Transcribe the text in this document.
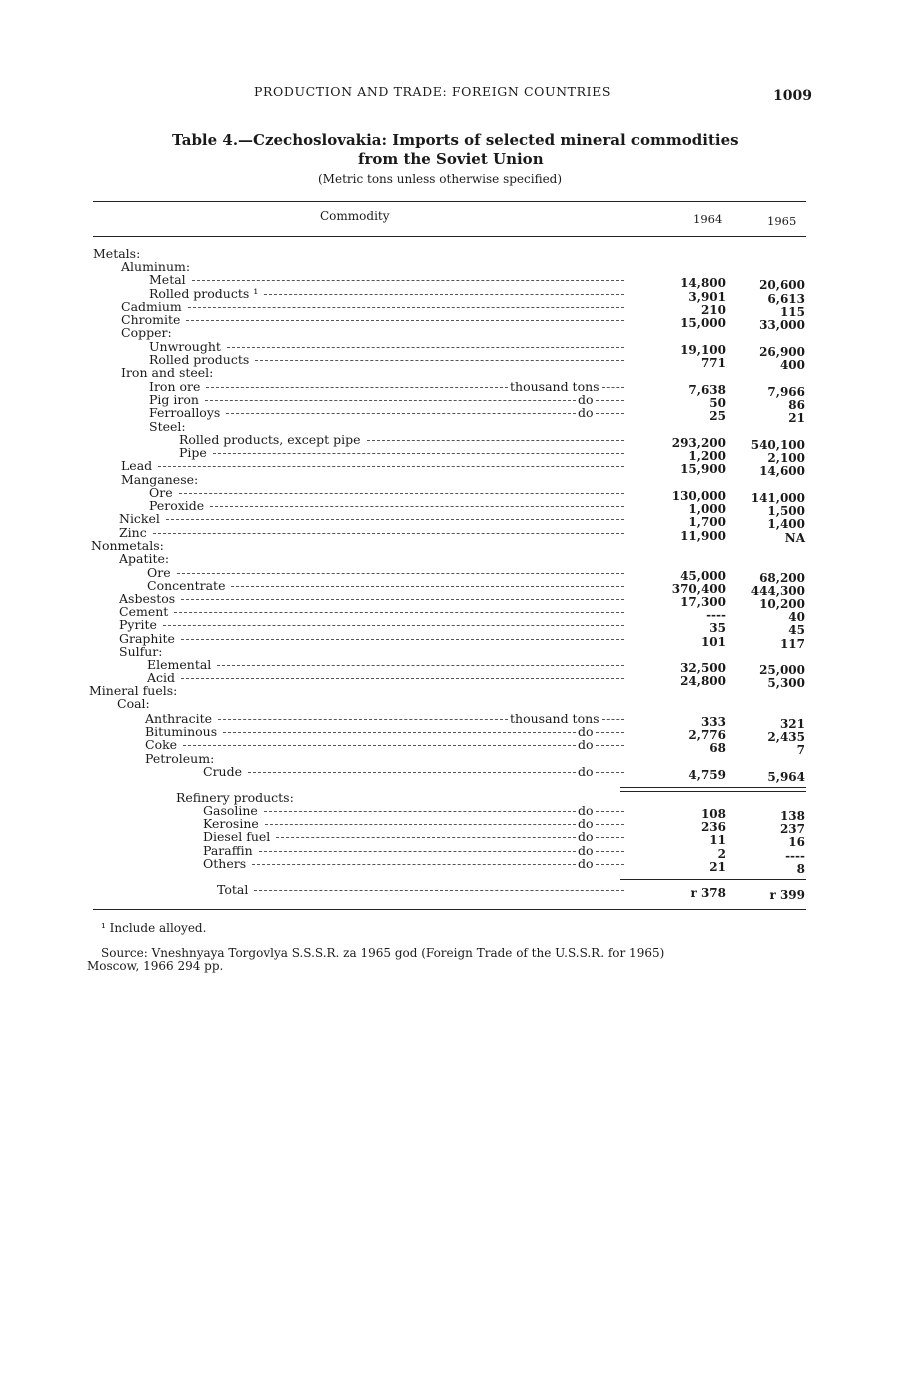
PRODUCTION AND TRADE: FOREIGN COUNTRIES	1009
Table 4.—Czechoslovakia: Imports of selected mineral commodities
from the Soviet Union
(Metric tons unless otherwise specified)
Commodity	1964	1965
Metals:
Aluminum:
Metal	14,800	20,600
Rolled products ¹	3,901	6,613
Cadmium	210	115
Chromite	15,000	33,000
Copper:
Unwrought	19,100	26,900
Rolled products	771	400
Iron and steel:
Iron ore	thousand tons	7,638	7,966
Pig iron	do	50	86
Ferroalloys	do	25	21
Steel:
Rolled products, except pipe	293,200 540,100
Pipe	1,200	2,100
Lead	15,900	14,600
Manganese:
Ore	130,000 141,000
Peroxide	1,000	1,500
Nickel	1,700	1,400
Zinc	11,900	NA
Nonmetals:
Apatite:
Ore	45,000	68,200
Concentrate	370,400 444,300
Asbestos	17,300	10,200
Cement	----	40
Pyrite	35	45
Graphite	101	117
Sulfur:
Elemental	32,500	25,000
Acid	24,800	5,300
Mineral fuels:
Coal:
Anthracite	thousand tons	333	321
Bituminous	do	2,776	2,435
Coke	do	68	7
Petroleum:
Crude	do	4,759	5,964
Refinery products:
Gasoline	do	108	138
Kerosine	do	236	237
Diesel fuel	do	11	16
Paraffin	do	2	----
Others	do	21	8
Total	r 378	r 399
¹ Include alloyed.
Source: Vneshnyaya Torgovlya S.S.S.R. za 1965 god (Foreign Trade of the U.S.S.R. for 1965)
Moscow, 1966 294 pp.
